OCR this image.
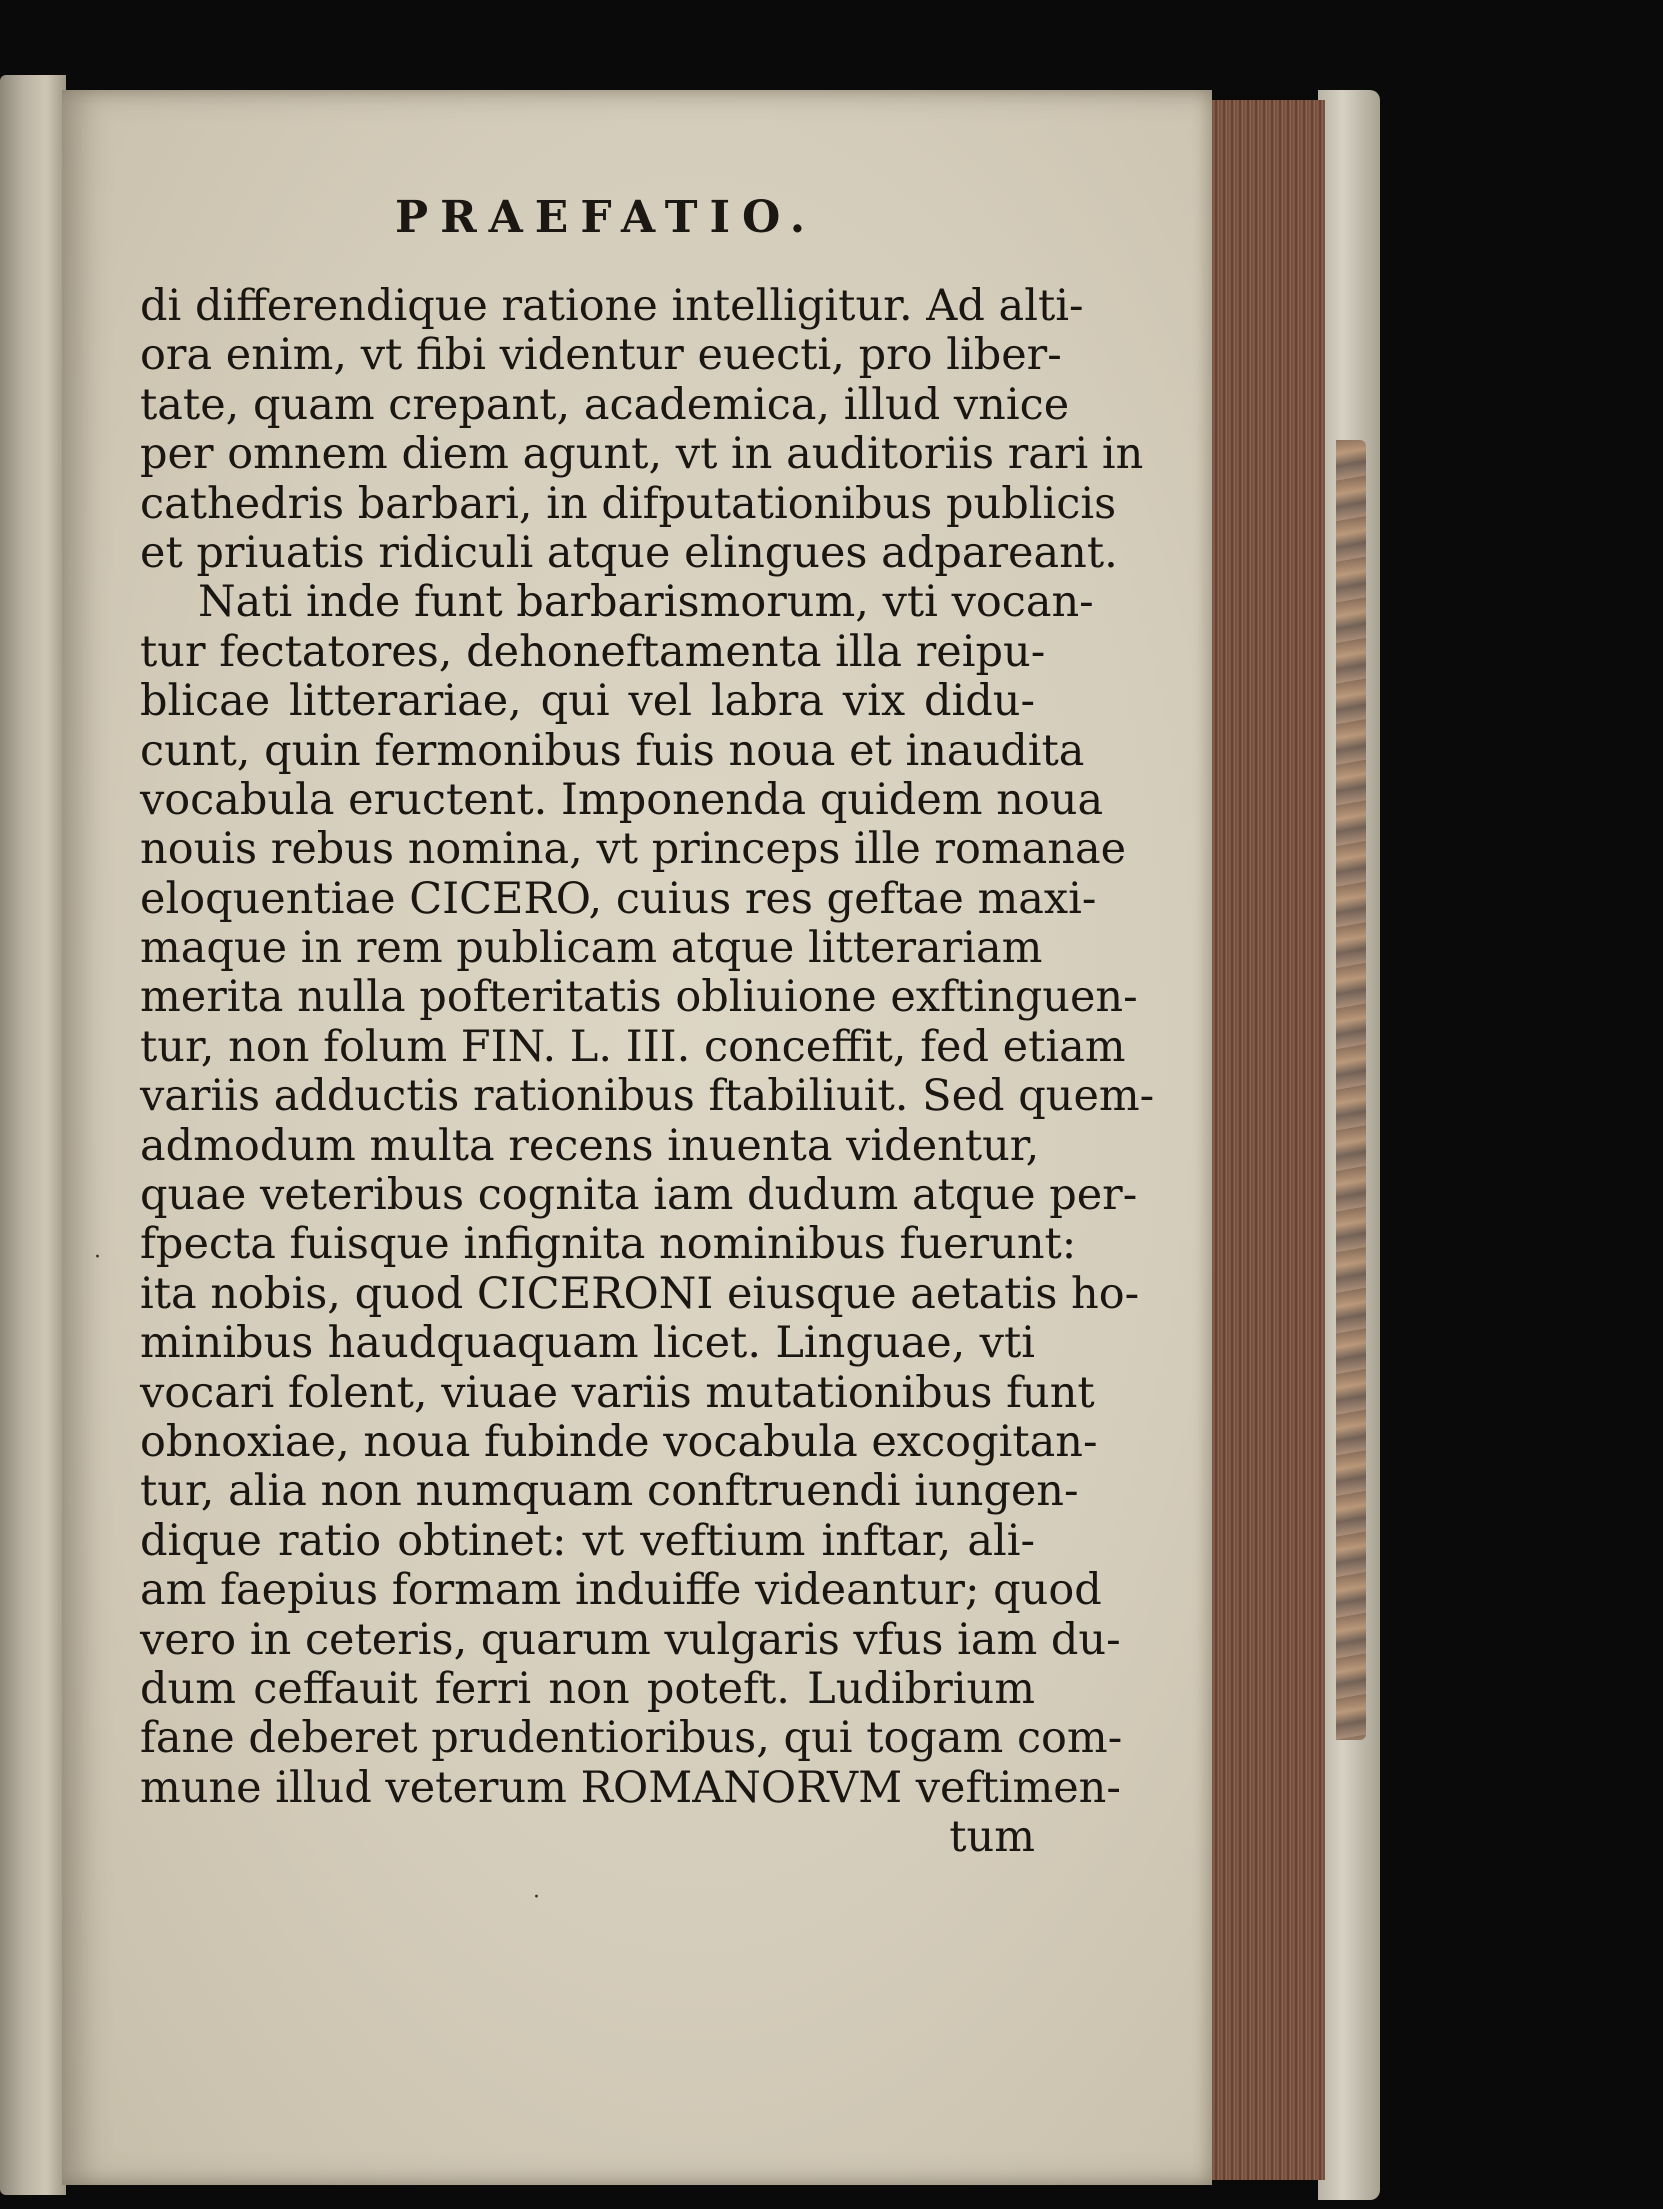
PRAEFATIO.
di differendique ratione intelligitur. Ad alti-
ora enim, vt fibi videntur euecti, pro liber-
tate, quam crepant, academica, illud vnice
per omnem diem agunt, vt in auditoriis rari in
cathedris barbari, in difputationibus publicis
et priuatis ridiculi atque elingues adpareant.
Nati inde funt barbarismorum, vti vocan-
tur fectatores, dehoneftamenta illa reipu-
blicae litterariae, qui vel labra vix didu-
cunt, quin fermonibus fuis noua et inaudita
vocabula eructent. Imponenda quidem noua
nouis rebus nomina, vt princeps ille romanae
eloquentiae CICERO, cuius res geftae maxi-
maque in rem publicam atque litterariam
merita nulla pofteritatis obliuione exftinguen-
tur, non folum FIN. L. III. conceffit, fed etiam
variis adductis rationibus ftabiliuit. Sed quem-
admodum multa recens inuenta videntur,
quae veteribus cognita iam dudum atque per-
fpecta fuisque infignita nominibus fuerunt:
ita nobis, quod CICERONI eiusque aetatis ho-
minibus haudquaquam licet. Linguae, vti
vocari folent, viuae variis mutationibus funt
obnoxiae, noua fubinde vocabula excogitan-
tur, alia non numquam conftruendi iungen-
dique ratio obtinet: vt veftium inftar, ali-
am faepius formam induiffe videantur; quod
vero in ceteris, quarum vulgaris vfus iam du-
dum ceffauit ferri non poteft. Ludibrium
fane deberet prudentioribus, qui togam com-
mune illud veterum ROMANORVM veftimen-
tum
·
·
